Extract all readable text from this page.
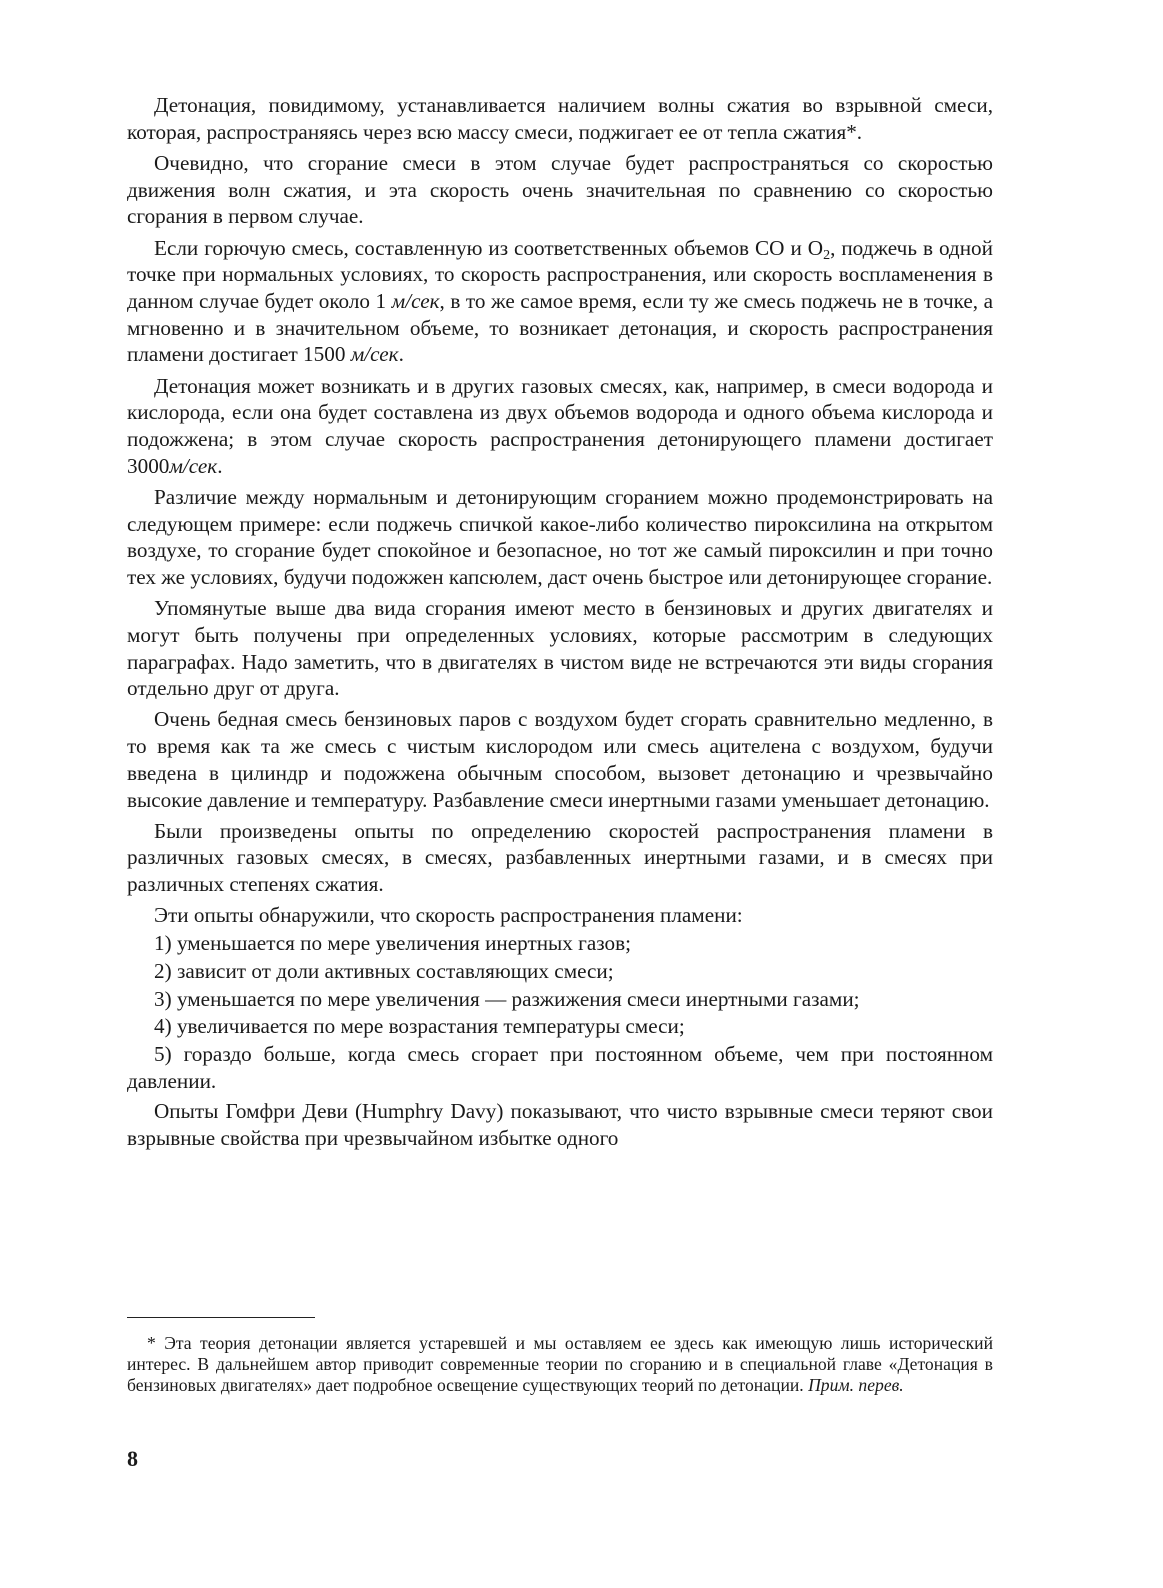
Детонация, повидимому, устанавливается наличием волны сжатия во взрывной смеси, которая, распространяясь через всю массу смеси, поджигает ее от тепла сжатия*.

Очевидно, что сгорание смеси в этом случае будет распространяться со скоростью движения волн сжатия, и эта скорость очень значительная по сравнению со скоростью сгорания в первом случае.

Если горючую смесь, составленную из соответственных объемов CO и $O_2$, поджечь в одной точке при нормальных условиях, то скорость распространения, или скорость воспламенения в данном случае будет около 1 м/сек, в то же самое время, если ту же смесь поджечь не в точке, а мгновенно и в значительном объеме, то возникает детонация, и скорость распространения пламени достигает 1500 м/сек.

Детонация может возникать и в других газовых смесях, как, например, в смеси водорода и кислорода, если она будет составлена из двух объемов водорода и одного объема кислорода и подожжена; в этом случае скорость распространения детонирующего пламени достигает 3000м/сек.

Различие между нормальным и детонирующим сгоранием можно продемонстрировать на следующем примере: если поджечь спичкой какое-либо количество пироксилина на открытом воздухе, то сгорание будет спокойное и безопасное, но тот же самый пироксилин и при точно тех же условиях, будучи подожжен капсюлем, даст очень быстрое или детонирующее сгорание.

Упомянутые выше два вида сгорания имеют место в бензиновых и других двигателях и могут быть получены при определенных условиях, которые рассмотрим в следующих параграфах. Надо заметить, что в двигателях в чистом виде не встречаются эти виды сгорания отдельно друг от друга.

Очень бедная смесь бензиновых паров с воздухом будет сгорать сравнительно медленно, в то время как та же смесь с чистым кислородом или смесь ацителена с воздухом, будучи введена в цилиндр и подожжена обычным способом, вызовет детонацию и чрезвычайно высокие давление и температуру. Разбавление смеси инертными газами уменьшает детонацию.

Были произведены опыты по определению скоростей распространения пламени в различных газовых смесях, в смесях, разбавленных инертными газами, и в смесях при различных степенях сжатия.

Эти опыты обнаружили, что скорость распространения пламени:

1) уменьшается по мере увеличения инертных газов;

2) зависит от доли активных составляющих смеси;

3) уменьшается по мере увеличения — разжижения смеси инертными газами;

4) увеличивается по мере возрастания температуры смеси;

5) гораздо больше, когда смесь сгорает при постоянном объеме, чем при постоянном давлении.

Опыты Гомфри Деви (Humphry Davy) показывают, что чисто взрывные смеси теряют свои взрывные свойства при чрезвычайном избытке одного

* Эта теория детонации является устаревшей и мы оставляем ее здесь как имеющую лишь исторический интерес. В дальнейшем автор приводит современные теории по сгоранию и в специальной главе «Детонация в бензиновых двигателях» дает подробное освещение существующих теорий по детонации. Прим. перев.

8
